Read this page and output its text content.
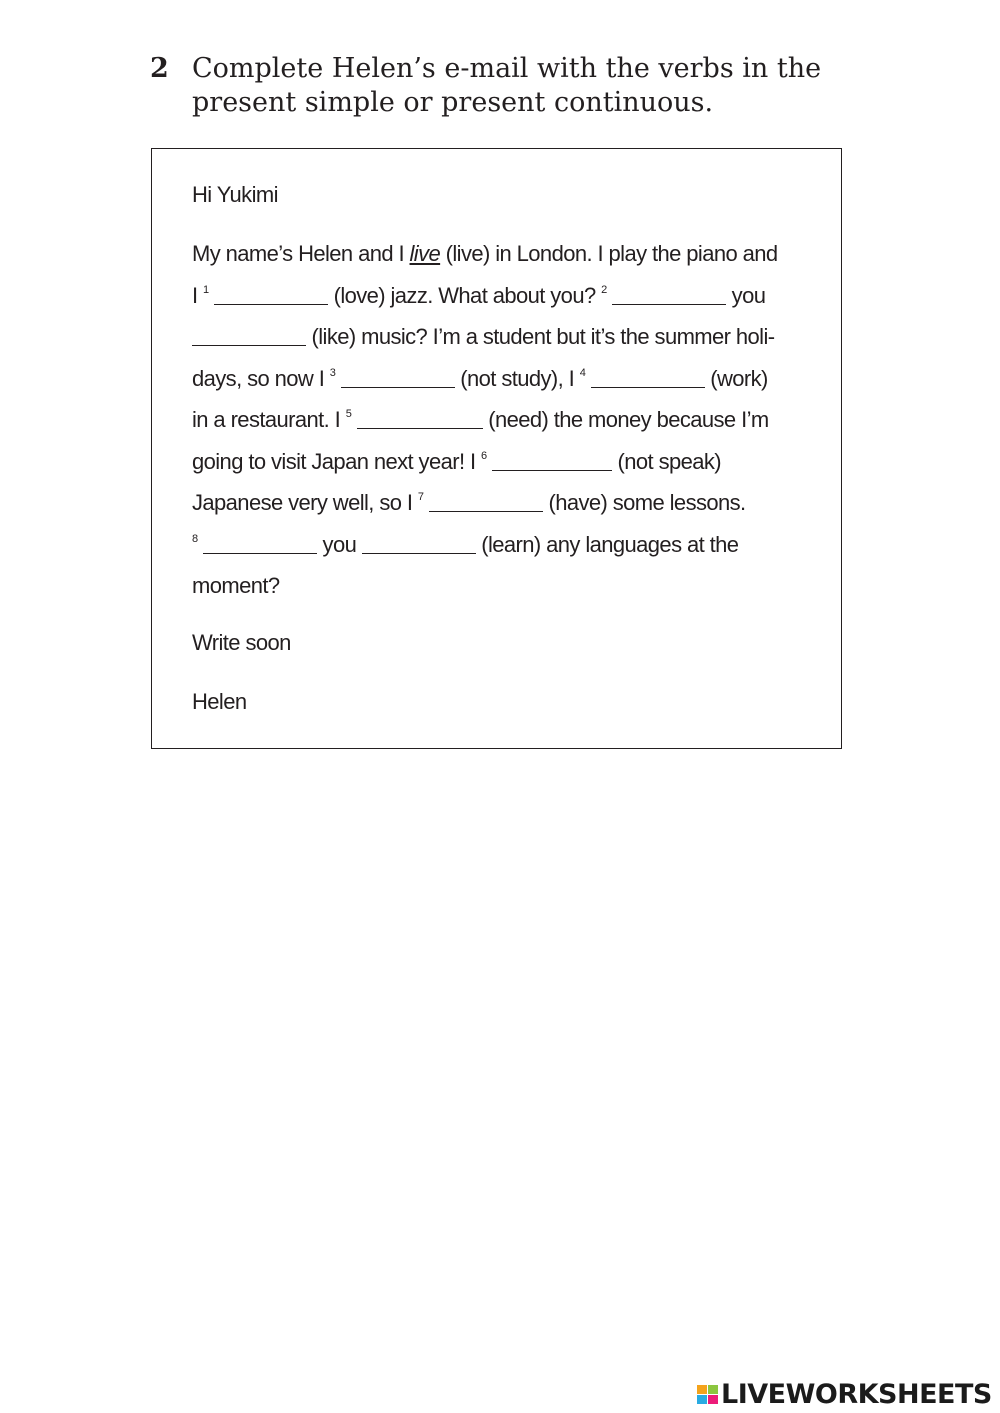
2 Complete Helen’s e-mail with the verbs in the
present simple or present continuous.
Hi Yukimi
My name’s Helen and I live (live) in London. I play the piano and
I $^1$	(love) jazz. What about you? $^2$	you
(like) music? I’m a student but it’s the summer holi-
days, so now I $^3$	(not study), I $^4$	(work)
in a restaurant. I $^5$	(need) the money because I’m
going to visit Japan next year! I $^6$	(not speak)
Japanese very well, so I $^7$	(have) some lessons.
$^8$	you	(learn) any languages at the
moment?
Write soon
Helen
LIVEWORKSHEETS
